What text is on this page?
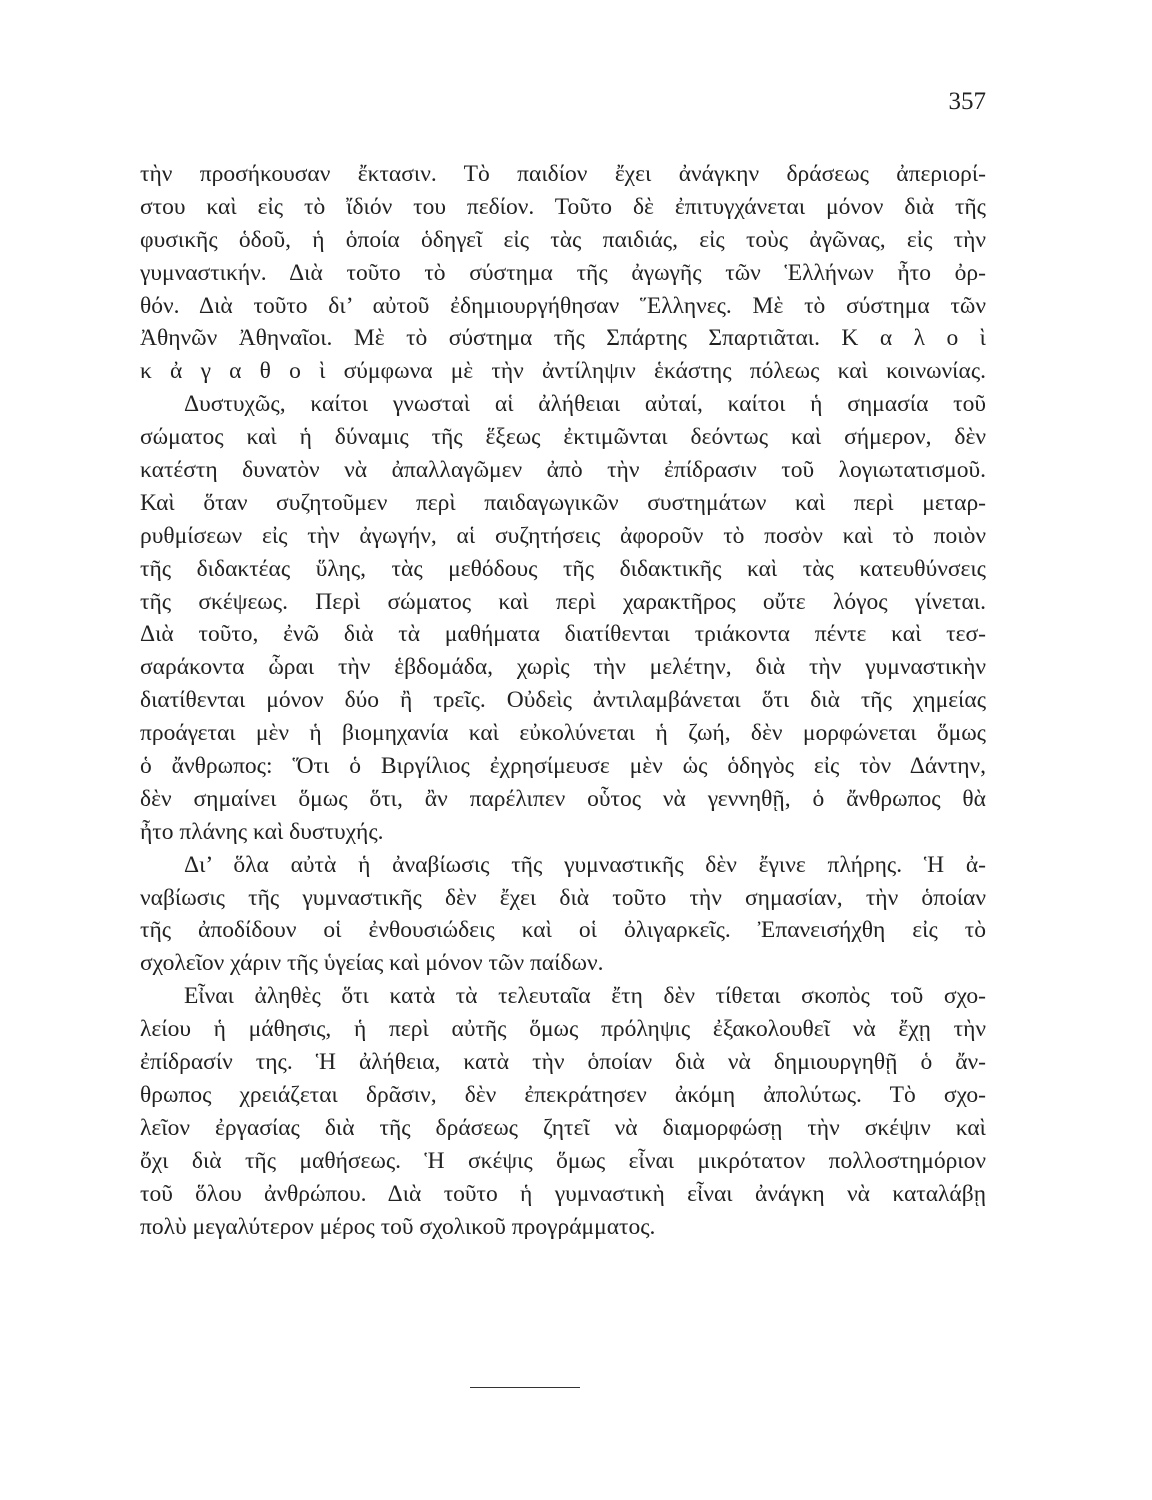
357
τὴν προσήκουσαν ἔκτασιν. Τὸ παιδίον ἔχει ἀνάγκην δράσεως ἀπεριορί-
στου καὶ εἰς τὸ ἴδιόν του πεδίον. Τοῦτο δὲ ἐπιτυγχάνεται μόνον διὰ τῆς
φυσικῆς ὁδοῦ, ἡ ὁποία ὁδηγεῖ εἰς τὰς παιδιάς, εἰς τοὺς ἀγῶνας, εἰς τὴν
γυμναστικήν. Διὰ τοῦτο τὸ σύστημα τῆς ἀγωγῆς τῶν Ἑλλήνων ἦτο ὀρ-
θόν. Διὰ τοῦτο δι’ αὐτοῦ ἐδημιουργήθησαν Ἕλληνες. Μὲ τὸ σύστημα τῶν
Ἀθηνῶν Ἀθηναῖοι. Μὲ τὸ σύστημα τῆς Σπάρτης Σπαρτιᾶται. Κ α λ ο ὶ
κ ἀ γ α θ ο ὶ σύμφωνα μὲ τὴν ἀντίληψιν ἑκάστης πόλεως καὶ κοινωνίας.
Δυστυχῶς, καίτοι γνωσταὶ αἱ ἀλήθειαι αὐταί, καίτοι ἡ σημασία τοῦ
σώματος καὶ ἡ δύναμις τῆς ἕξεως ἐκτιμῶνται δεόντως καὶ σήμερον, δὲν
κατέστη δυνατὸν νὰ ἀπαλλαγῶμεν ἀπὸ τὴν ἐπίδρασιν τοῦ λογιωτατισμοῦ.
Καὶ ὅταν συζητοῦμεν περὶ παιδαγωγικῶν συστημάτων καὶ περὶ μεταρ-
ρυθμίσεων εἰς τὴν ἀγωγήν, αἱ συζητήσεις ἀφοροῦν τὸ ποσὸν καὶ τὸ ποιὸν
τῆς διδακτέας ὕλης, τὰς μεθόδους τῆς διδακτικῆς καὶ τὰς κατευθύνσεις
τῆς σκέψεως. Περὶ σώματος καὶ περὶ χαρακτῆρος οὔτε λόγος γίνεται.
Διὰ τοῦτο, ἐνῶ διὰ τὰ μαθήματα διατίθενται τριάκοντα πέντε καὶ τεσ-
σαράκοντα ὧραι τὴν ἑβδομάδα, χωρὶς τὴν μελέτην, διὰ τὴν γυμναστικὴν
διατίθενται μόνον δύο ἢ τρεῖς. Οὐδεὶς ἀντιλαμβάνεται ὅτι διὰ τῆς χημείας
προάγεται μὲν ἡ βιομηχανία καὶ εὐκολύνεται ἡ ζωή, δὲν μορφώνεται ὅμως
ὁ ἄνθρωπος: Ὅτι ὁ Βιργίλιος ἐχρησίμευσε μὲν ὡς ὁδηγὸς εἰς τὸν Δάντην,
δὲν σημαίνει ὅμως ὅτι, ἂν παρέλιπεν οὗτος νὰ γεννηθῇ, ὁ ἄνθρωπος θὰ
ἦτο πλάνης καὶ δυστυχής.
Δι’ ὅλα αὐτὰ ἡ ἀναβίωσις τῆς γυμναστικῆς δὲν ἔγινε πλήρης. Ἡ ἀ-
ναβίωσις τῆς γυμναστικῆς δὲν ἔχει διὰ τοῦτο τὴν σημασίαν, τὴν ὁποίαν
τῆς ἀποδίδουν οἱ ἐνθουσιώδεις καὶ οἱ ὀλιγαρκεῖς. Ἐπανεισήχθη εἰς τὸ
σχολεῖον χάριν τῆς ὑγείας καὶ μόνον τῶν παίδων.
Εἶναι ἀληθὲς ὅτι κατὰ τὰ τελευταῖα ἔτη δὲν τίθεται σκοπὸς τοῦ σχο-
λείου ἡ μάθησις, ἡ περὶ αὐτῆς ὅμως πρόληψις ἐξακολουθεῖ νὰ ἔχῃ τὴν
ἐπίδρασίν της. Ἡ ἀλήθεια, κατὰ τὴν ὁποίαν διὰ νὰ δημιουργηθῇ ὁ ἄν-
θρωπος χρειάζεται δρᾶσιν, δὲν ἐπεκράτησεν ἀκόμη ἀπολύτως. Τὸ σχο-
λεῖον ἐργασίας διὰ τῆς δράσεως ζητεῖ νὰ διαμορφώσῃ τὴν σκέψιν καὶ
ὄχι διὰ τῆς μαθήσεως. Ἡ σκέψις ὅμως εἶναι μικρότατον πολλοστημόριον
τοῦ ὅλου ἀνθρώπου. Διὰ τοῦτο ἡ γυμναστικὴ εἶναι ἀνάγκη νὰ καταλάβῃ
πολὺ μεγαλύτερον μέρος τοῦ σχολικοῦ προγράμματος.
